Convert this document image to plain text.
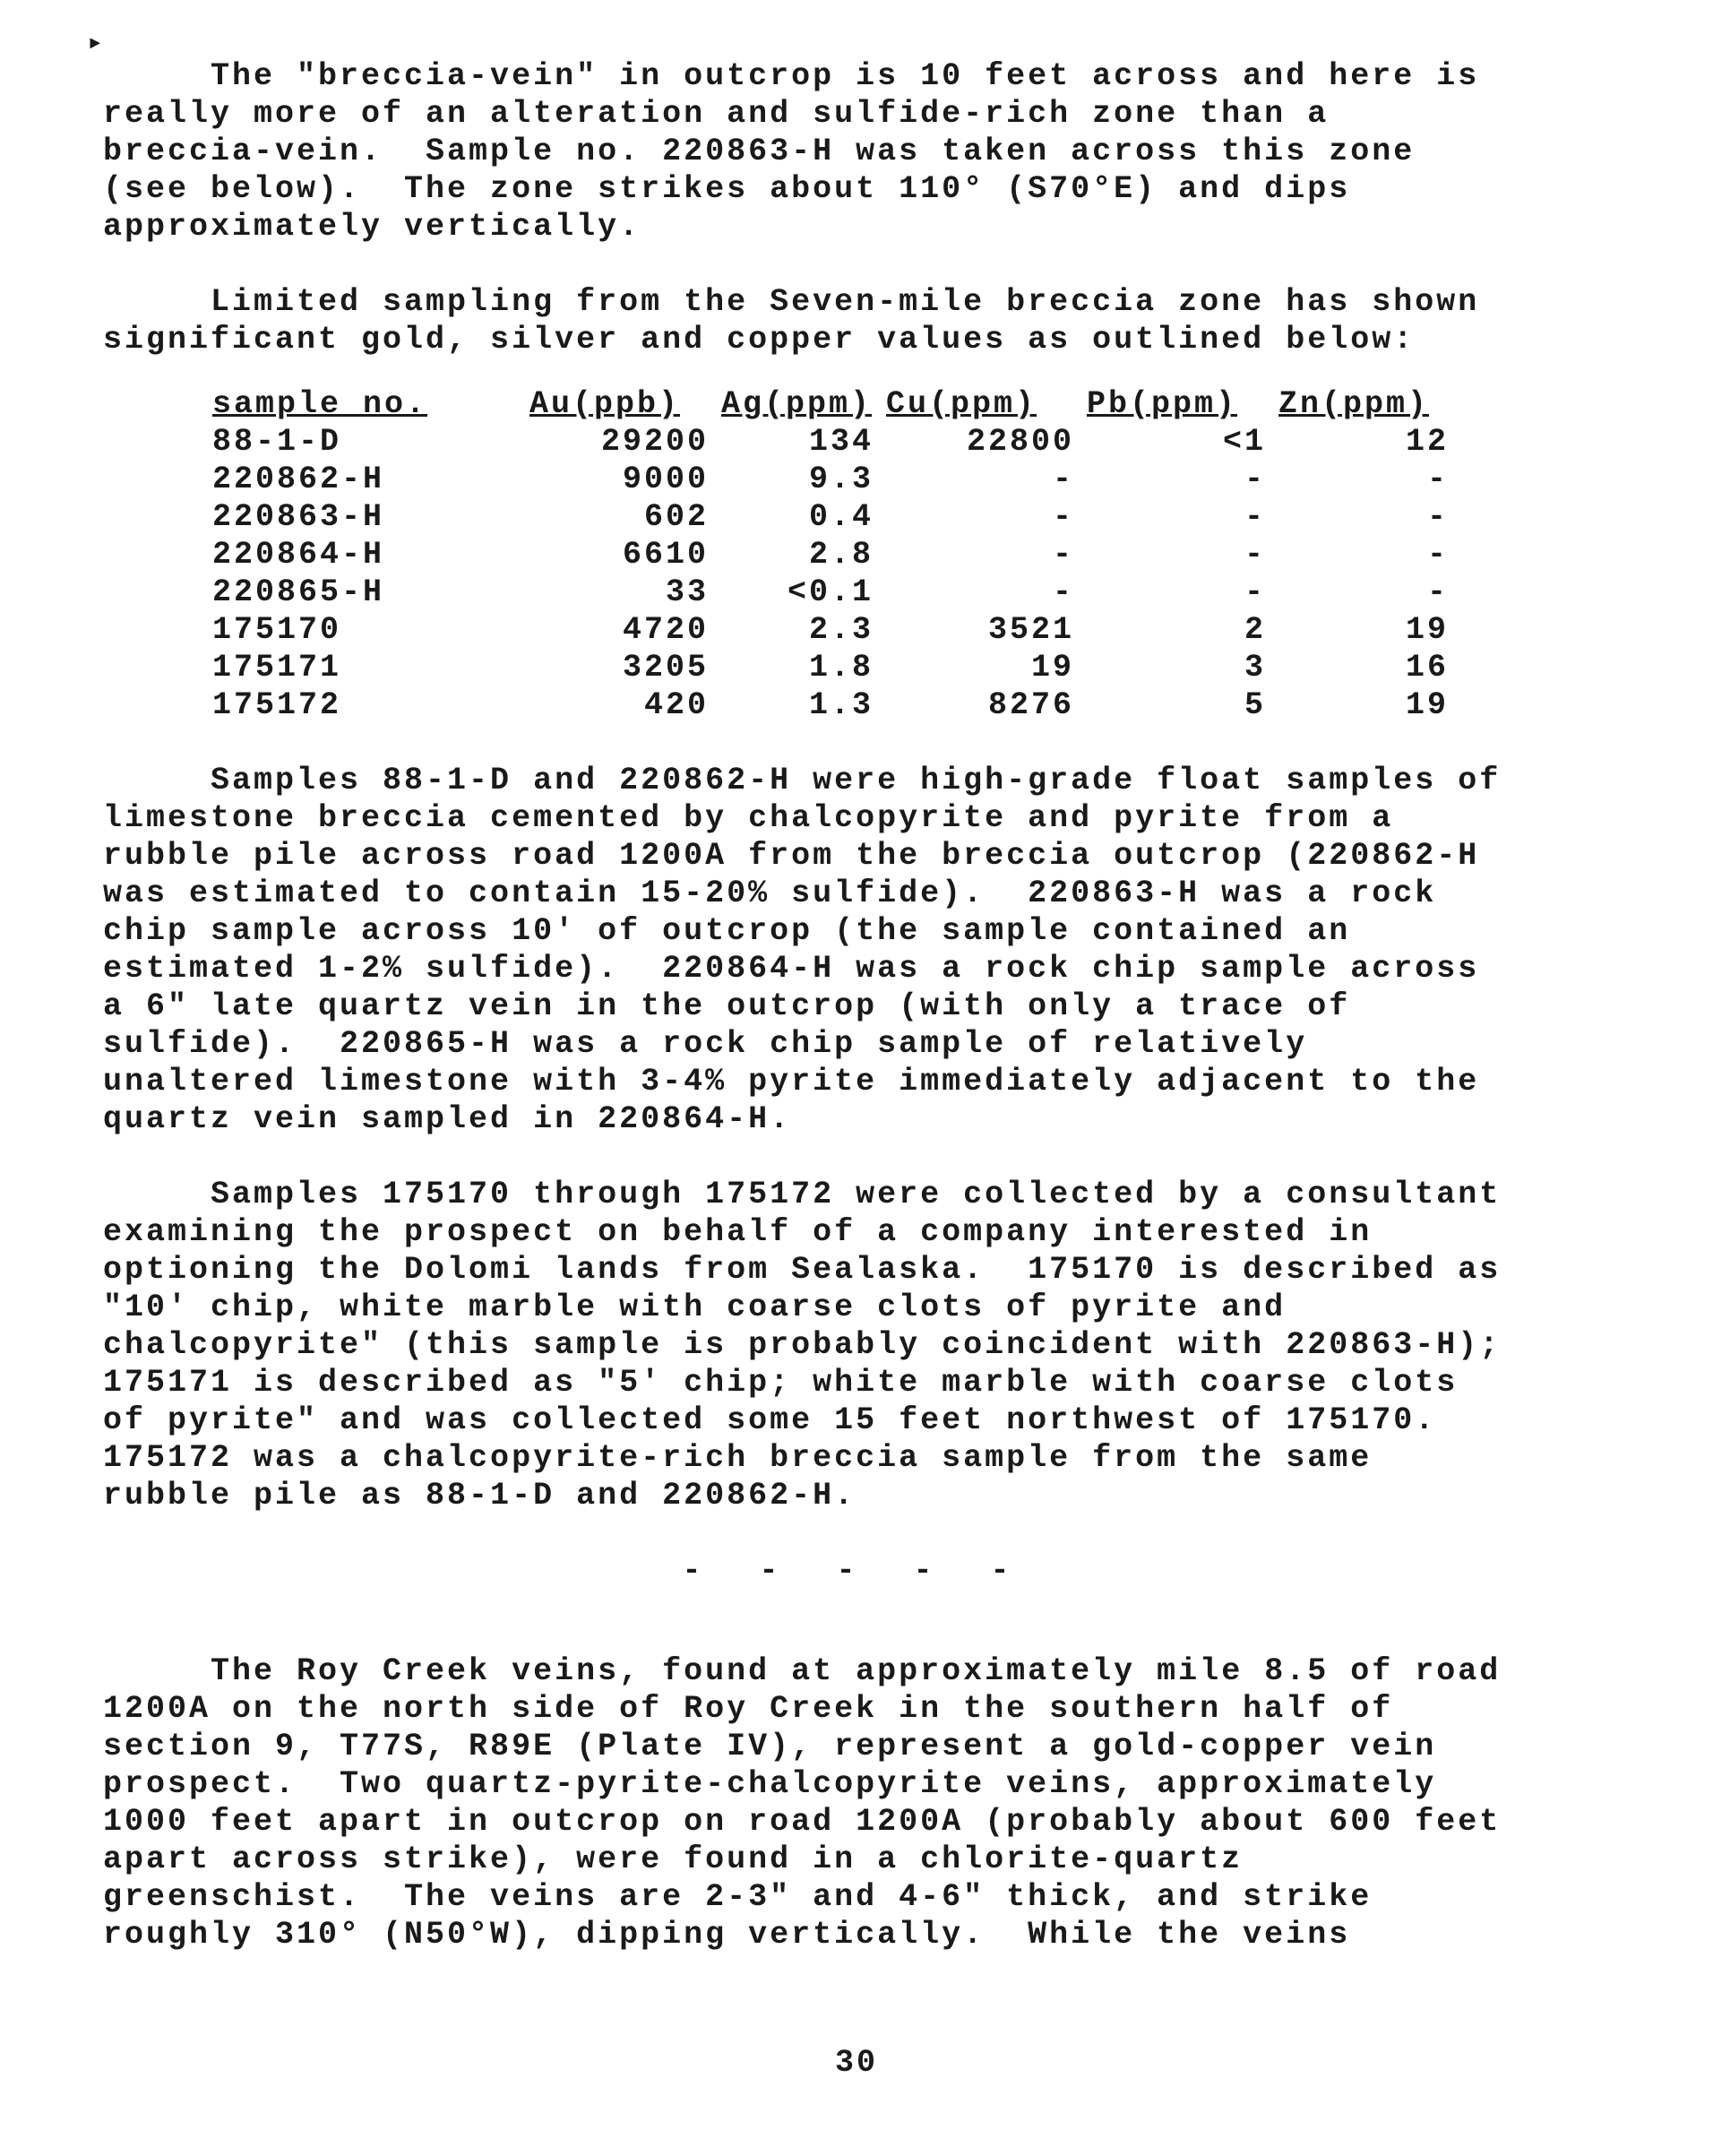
►
The "breccia-vein" in outcrop is 10 feet across and here is
really more of an alteration and sulfide-rich zone than a
breccia-vein.  Sample no. 220863-H was taken across this zone
(see below).  The zone strikes about 110° (S70°E) and dips
approximately vertically.
Limited sampling from the Seven-mile breccia zone has shown
significant gold, silver and copper values as outlined below:
sample no.	Au(ppb)	Ag(ppm)	Cu(ppm)	Pb(ppm)	Zn(ppm)
88-1-D	29200	134	22800	<1	12
220862-H	9000	9.3	-	-	-
220863-H	602	0.4	-	-	-
220864-H	6610	2.8	-	-	-
220865-H	33	<0.1	-	-	-
175170	4720	2.3	3521	2	19
175171	3205	1.8	19	3	16
175172	420	1.3	8276	5	19
Samples 88-1-D and 220862-H were high-grade float samples of
limestone breccia cemented by chalcopyrite and pyrite from a
rubble pile across road 1200A from the breccia outcrop (220862-H
was estimated to contain 15-20% sulfide).  220863-H was a rock
chip sample across 10' of outcrop (the sample contained an
estimated 1-2% sulfide).  220864-H was a rock chip sample across
a 6" late quartz vein in the outcrop (with only a trace of
sulfide).  220865-H was a rock chip sample of relatively
unaltered limestone with 3-4% pyrite immediately adjacent to the
quartz vein sampled in 220864-H.
Samples 175170 through 175172 were collected by a consultant
examining the prospect on behalf of a company interested in
optioning the Dolomi lands from Sealaska.  175170 is described as
"10' chip, white marble with coarse clots of pyrite and
chalcopyrite" (this sample is probably coincident with 220863-H);
175171 is described as "5' chip; white marble with coarse clots
of pyrite" and was collected some 15 feet northwest of 175170.
175172 was a chalcopyrite-rich breccia sample from the same
rubble pile as 88-1-D and 220862-H.
- - - - -
The Roy Creek veins, found at approximately mile 8.5 of road
1200A on the north side of Roy Creek in the southern half of
section 9, T77S, R89E (Plate IV), represent a gold-copper vein
prospect.  Two quartz-pyrite-chalcopyrite veins, approximately
1000 feet apart in outcrop on road 1200A (probably about 600 feet
apart across strike), were found in a chlorite-quartz
greenschist.  The veins are 2-3" and 4-6" thick, and strike
roughly 310° (N50°W), dipping vertically.  While the veins
30
